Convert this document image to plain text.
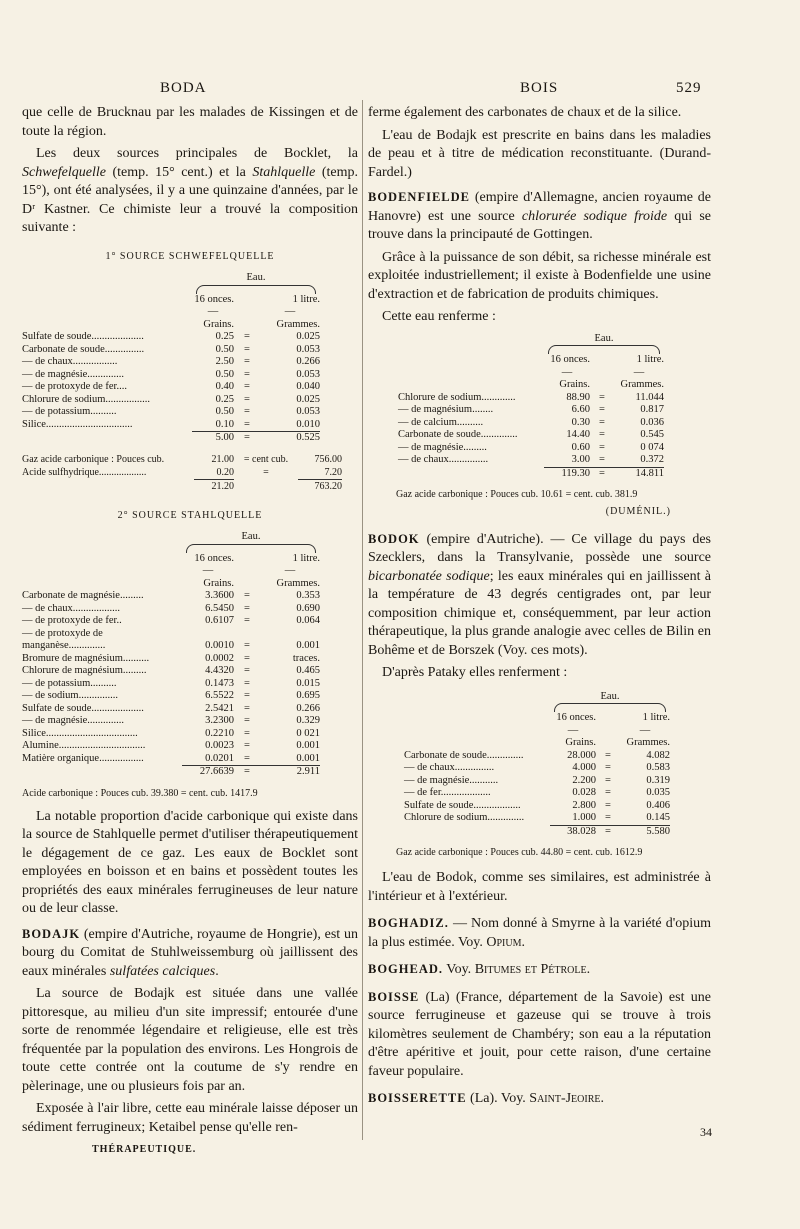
BODA	BOIS	529

que celle de Brucknau par les malades de Kissingen et de toute la région.

Les deux sources principales de Bocklet, la Schwefelquelle (temp. 15° cent.) et la Stahlquelle (temp. 15°), ont été analysées, il y a une quinzaine d'années, par le Dʳ Kastner. Ce chimiste leur a trouvé la composition suivante :

1° SOURCE SCHWEFELQUELLE
	Eau.		

	16 onces.		1 litre.
	—		—
	Grains.		Grammes.
Sulfate de soude....................	0.25	=	0.025
Carbonate de soude...............	0.50	=	0.053
— de chaux.................	2.50	=	0.266
— de magnésie..............	0.50	=	0.053
— de protoxyde de fer....	0.40	=	0.040
Chlorure de sodium.................	0.25	=	0.025
— de potassium..........	0.50	=	0.053
Silice.................................	0.10	=	0.010
	5.00	=	0.525
Gaz acide carbonique : Pouces cub.	21.00	= cent cub.	756.00
Acide sulfhydrique...................	0.20	=	7.20
	21.20		763.20
2° SOURCE STAHLQUELLE
	Eau.		

	16 onces.		1 litre.
	—		—
	Grains.		Grammes.
Carbonate de magnésie.........	3.3600	=	0.353
— de chaux..................	6.5450	=	0.690
— de protoxyde de fer..	0.6107	=	0.064
— de protoxyde de manganèse..............	0.0010	=	0.001
Bromure de magnésium..........	0.0002	=	traces.
Chlorure de magnésium.........	4.4320	=	0.465
— de potassium..........	0.1473	=	0.015
— de sodium...............	6.5522	=	0.695
Sulfate de soude....................	2.5421	=	0.266
— de magnésie..............	3.2300	=	0.329
Silice...................................	0.2210	=	0 021
Alumine.................................	0.0023	=	0.001
Matière organique.................	0.0201	=	0.001
	27.6639	=	2.911
Acide carbonique : Pouces cub. 39.380 = cent. cub. 1417.9

La notable proportion d'acide carbonique qui existe dans la source de Stahlquelle permet d'utiliser thérapeutiquement le dégagement de ce gaz. Les eaux de Bocklet sont employées en boisson et en bains et possèdent toutes les propriétés des eaux minérales ferrugineuses de leur nature ou de leur classe.

BODAJK (empire d'Autriche, royaume de Hongrie), est un bourg du Comitat de Stuhlweissemburg où jaillissent des eaux minérales sulfatées calciques.

La source de Bodajk est située dans une vallée pittoresque, au milieu d'un site impressif; entourée d'une sorte de renommée légendaire et religieuse, elle est très fréquentée par la population des environs. Les Hongrois de toute cette contrée ont la coutume de s'y rendre en pèlerinage, une ou plusieurs fois par an.

Exposée à l'air libre, cette eau minérale laisse déposer un sédiment ferrugineux; Ketaibel pense qu'elle ren-

THÉRAPEUTIQUE.

ferme également des carbonates de chaux et de la silice.

L'eau de Bodajk est prescrite en bains dans les maladies de peau et à titre de médication reconstituante. (Durand-Fardel.)

BODENFIELDE (empire d'Allemagne, ancien royaume de Hanovre) est une source chlorurée sodique froide qui se trouve dans la principauté de Gottingen.

Grâce à la puissance de son débit, sa richesse minérale est exploitée industriellement; il existe à Bodenfielde une usine d'extraction et de fabrication de produits chimiques.

Cette eau renferme :

	Eau.		

	16 onces.		1 litre.
	—		—
	Grains.		Grammes.
Chlorure de sodium.............	88.90	=	11.044
— de magnésium........	6.60	=	0.817
— de calcium..........	0.30	=	0.036
Carbonate de soude..............	14.40	=	0.545
— de magnésie.........	0.60	=	0 074
— de chaux...............	3.00	=	0.372
	119.30	=	14.811
Gaz acide carbonique : Pouces cub. 10.61 = cent. cub. 381.9
(DUMÉNIL.)

BODOK (empire d'Autriche). — Ce village du pays des Szecklers, dans la Transylvanie, possède une source bicarbonatée sodique; les eaux minérales qui en jaillissent à la température de 43 degrés centigrades ont, par leur composition chimique et, conséquemment, par leur action thérapeutique, la plus grande analogie avec celles de Bilin en Bohême et de Borszek (Voy. ces mots).

D'après Pataky elles renferment :

	Eau.		

	16 onces.		1 litre.
	—		—
	Grains.		Grammes.
Carbonate de soude..............	28.000	=	4.082
— de chaux...............	4.000	=	0.583
— de magnésie...........	2.200	=	0.319
— de fer...................	0.028	=	0.035
Sulfate de soude..................	2.800	=	0.406
Chlorure de sodium..............	1.000	=	0.145
	38.028	=	5.580
Gaz acide carbonique : Pouces cub. 44.80 = cent. cub. 1612.9

L'eau de Bodok, comme ses similaires, est administrée à l'intérieur et à l'extérieur.

BOGHADIZ. — Nom donné à Smyrne à la variété d'opium la plus estimée. Voy. Opium.

BOGHEAD. Voy. Bitumes et Pétrole.

BOISSE (La) (France, département de la Savoie) est une source ferrugineuse et gazeuse qui se trouve à trois kilomètres seulement de Chambéry; son eau a la réputation d'être apéritive et jouit, pour cette raison, d'une certaine faveur populaire.

BOISSERETTE (La). Voy. Saint-Jeoire.

34
